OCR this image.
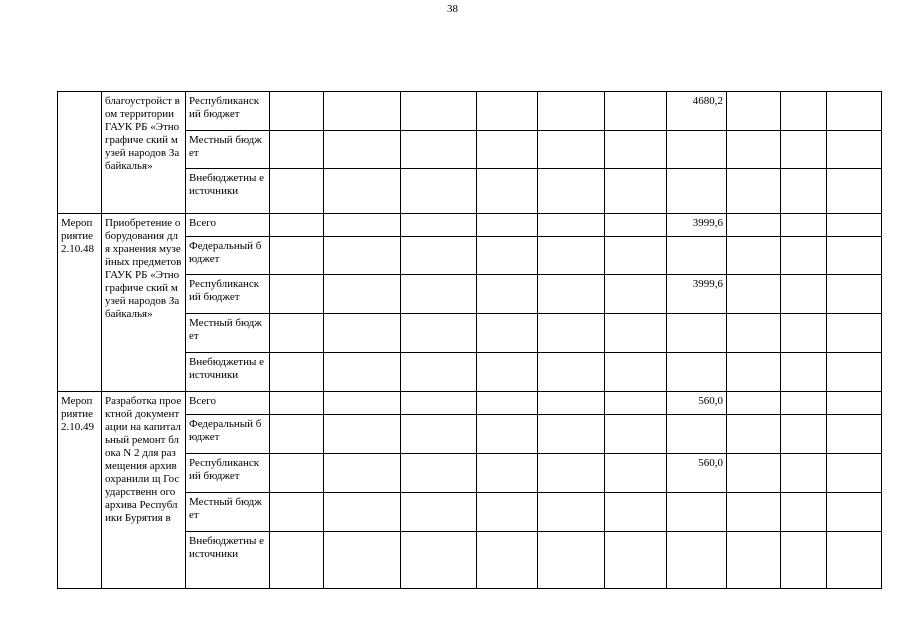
38
	благоустройст вом территории ГАУК РБ «Этнографиче ский музей народов Забайкалья»	Республиканск ий бюджет							4680,2			
		Местный бюджет										
		Внебюджетны е источники										
Мероп риятие 2.10.48	Приобретение оборудования для хранения музейных предметов ГАУК РБ «Этнографиче ский музей народов Забайкалья»	Всего							3999,6			
		Федеральный бюджет										
		Республиканск ий бюджет							3999,6			
		Местный бюджет										
		Внебюджетны е источники										
Мероп риятие 2.10.49	Разработка проектной документации на капитальный ремонт блока N 2 для размещения архивохранили щ Государственн ого архива Республики Бурятия в	Всего							560,0			
		Федеральный бюджет										
		Республиканск ий бюджет							560,0			
		Местный бюджет										
		Внебюджетны е источники										
